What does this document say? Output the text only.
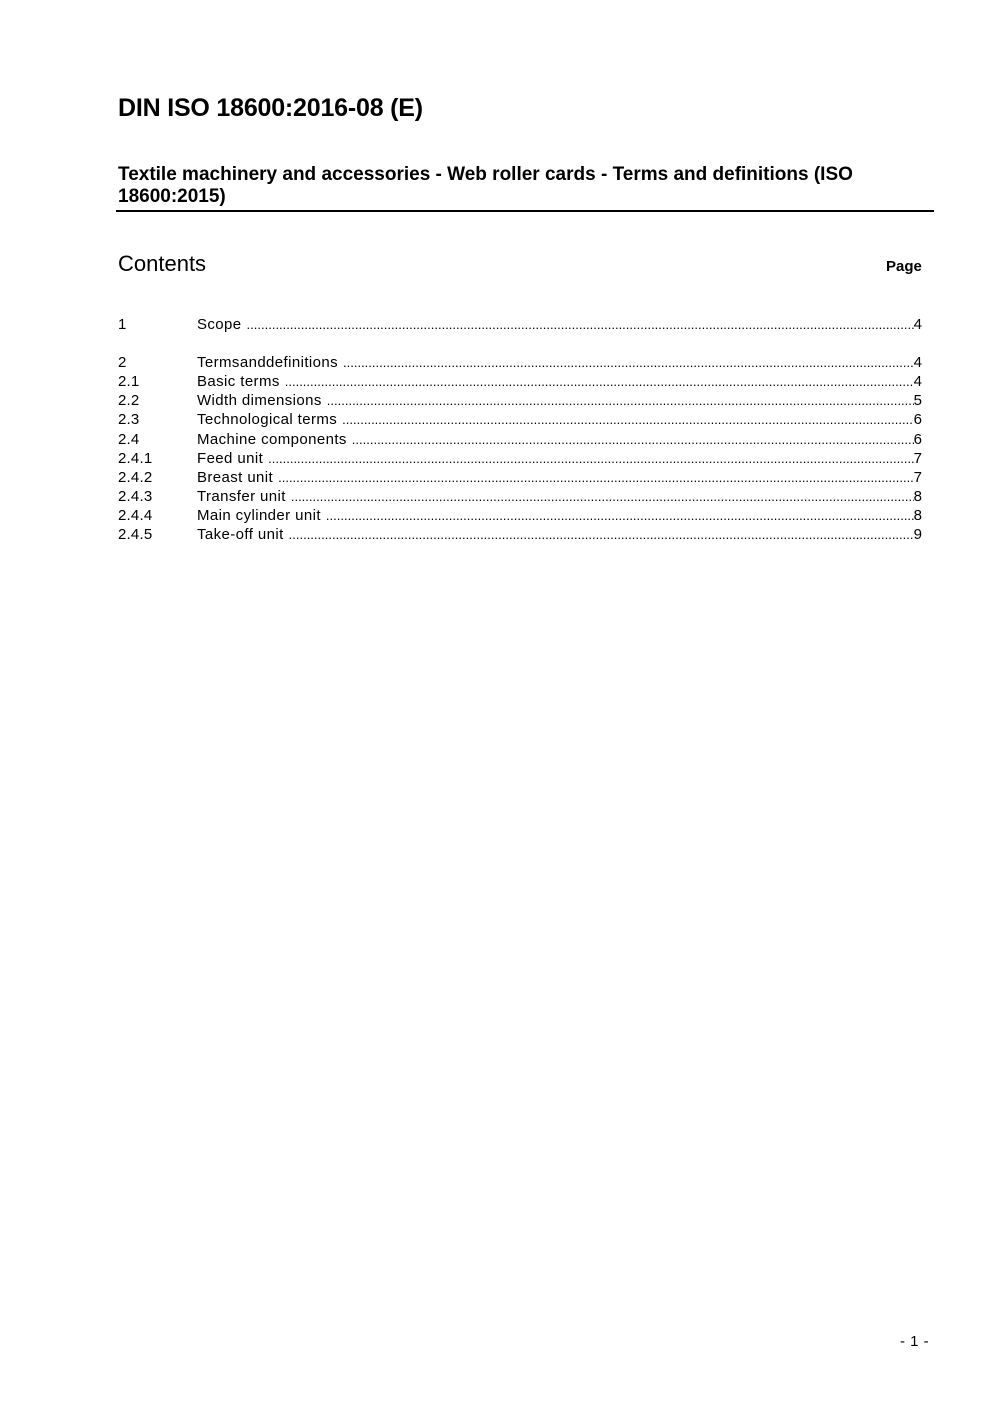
DIN ISO 18600:2016-08 (E)
Textile machinery and accessories - Web roller cards - Terms and definitions (ISO 18600:2015)
Contents	Page
1	Scope .....	4
2	Termsanddefinitions .....	4
2.1	Basic terms .....	4
2.2	Width dimensions .....	5
2.3	Technological terms .....	6
2.4	Machine components .....	6
2.4.1	Feed unit .....	7
2.4.2	Breast unit .....	7
2.4.3	Transfer unit .....	8
2.4.4	Main cylinder unit .....	8
2.4.5	Take-off unit .....	9
- 1 -
